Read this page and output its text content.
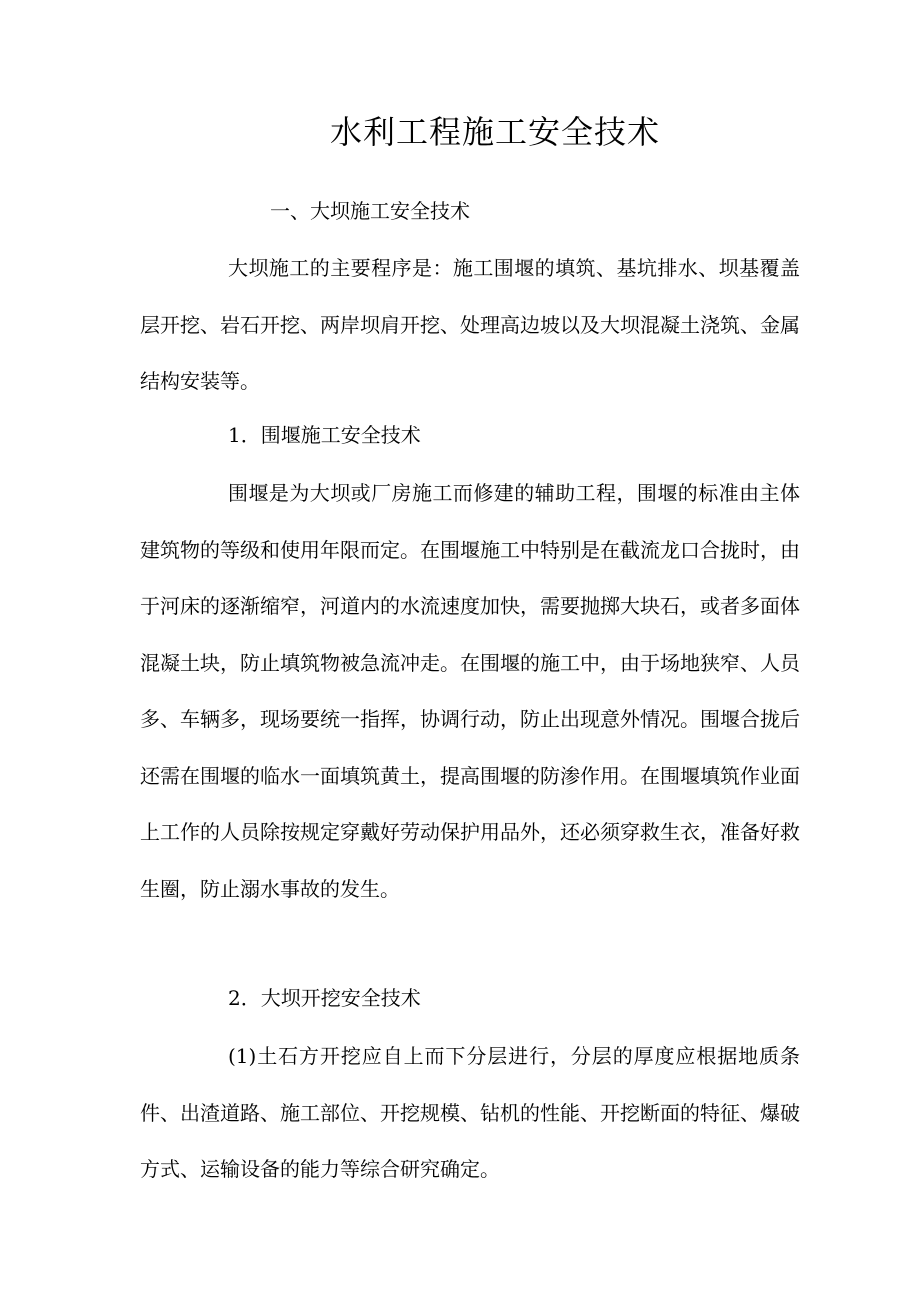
水利工程施工安全技术

一、大坝施工安全技术

大坝施工的主要程序是：施工围堰的填筑、基坑排水、坝基覆盖层开挖、岩石开挖、两岸坝肩开挖、处理高边坡以及大坝混凝土浇筑、金属结构安装等。

1．围堰施工安全技术

围堰是为大坝或厂房施工而修建的辅助工程，围堰的标准由主体建筑物的等级和使用年限而定。在围堰施工中特别是在截流龙口合拢时，由于河床的逐渐缩窄，河道内的水流速度加快，需要抛掷大块石，或者多面体混凝土块，防止填筑物被急流冲走。在围堰的施工中，由于场地狭窄、人员多、车辆多，现场要统一指挥，协调行动，防止出现意外情况。围堰合拢后还需在围堰的临水一面填筑黄土，提高围堰的防渗作用。在围堰填筑作业面上工作的人员除按规定穿戴好劳动保护用品外，还必须穿救生衣，准备好救生圈，防止溺水事故的发生。

2．大坝开挖安全技术

(1)土石方开挖应自上而下分层进行，分层的厚度应根据地质条件、出渣道路、施工部位、开挖规模、钻机的性能、开挖断面的特征、爆破方式、运输设备的能力等综合研究确定。
